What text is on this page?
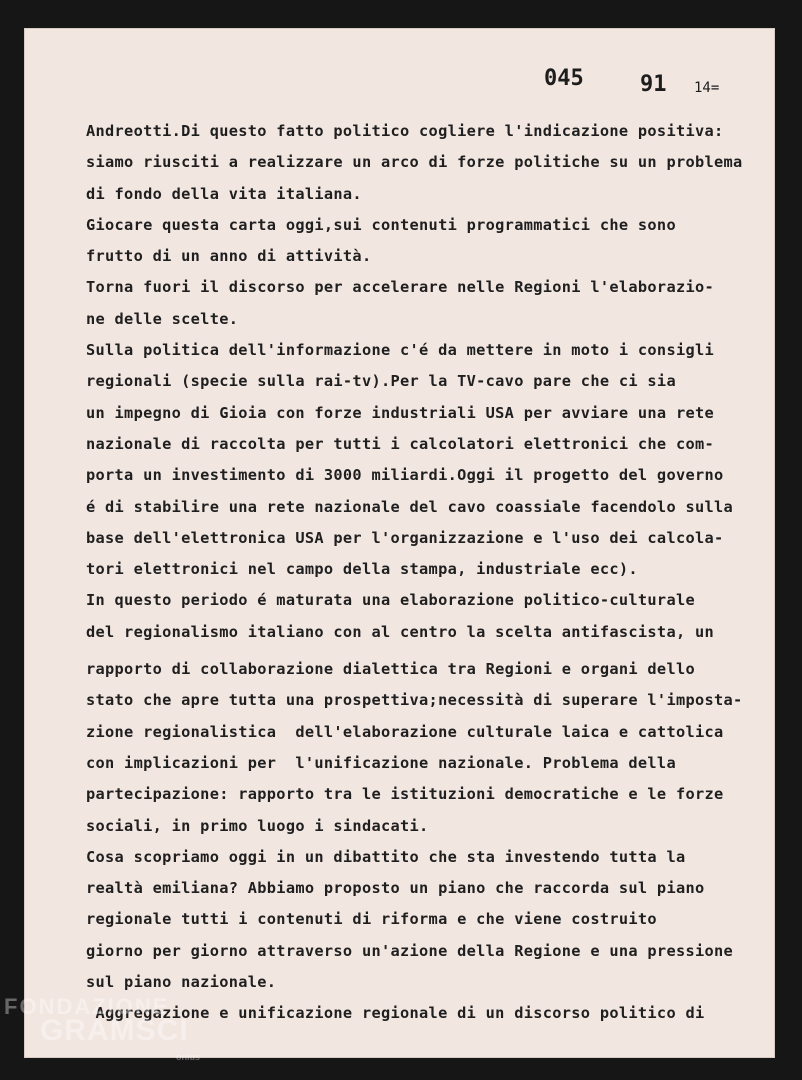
045	91 14=
Andreotti.Di questo fatto politico cogliere l'indicazione positiva:
siamo riusciti a realizzare un arco di forze politiche su un problema
di fondo della vita italiana.
Giocare questa carta oggi,sui contenuti programmatici che sono
frutto di un anno di attività.
Torna fuori il discorso per accelerare nelle Regioni l'elaborazio-
ne delle scelte.
Sulla politica dell'informazione c'é da mettere in moto i consigli
regionali (specie sulla rai-tv).Per la TV-cavo pare che ci sia
un impegno di Gioia con forze industriali USA per avviare una rete
nazionale di raccolta per tutti i calcolatori elettronici che com-
porta un investimento di 3000 miliardi.Oggi il progetto del governo
é di stabilire una rete nazionale del cavo coassiale facendolo sulla
base dell'elettronica USA per l'organizzazione e l'uso dei calcola-
tori elettronici nel campo della stampa, industriale ecc).
In questo periodo é maturata una elaborazione politico-culturale
del regionalismo italiano con al centro la scelta antifascista, un
rapporto di collaborazione dialettica tra Regioni e organi dello
stato che apre tutta una prospettiva;necessità di superare l'imposta-
zione regionalistica  dell'elaborazione culturale laica e cattolica
con implicazioni per  l'unificazione nazionale. Problema della
partecipazione: rapporto tra le istituzioni democratiche e le forze
sociali, in primo luogo i sindacati.
Cosa scopriamo oggi in un dibattito che sta investendo tutta la
realtà emiliana? Abbiamo proposto un piano che raccorda sul piano
regionale tutti i contenuti di riforma e che viene costruito
giorno per giorno attraverso un'azione della Regione e una pressione
sul piano nazionale.
Aggregazione e unificazione regionale di un discorso politico di
FONDAZIONE
GRAMSCI
onlus
